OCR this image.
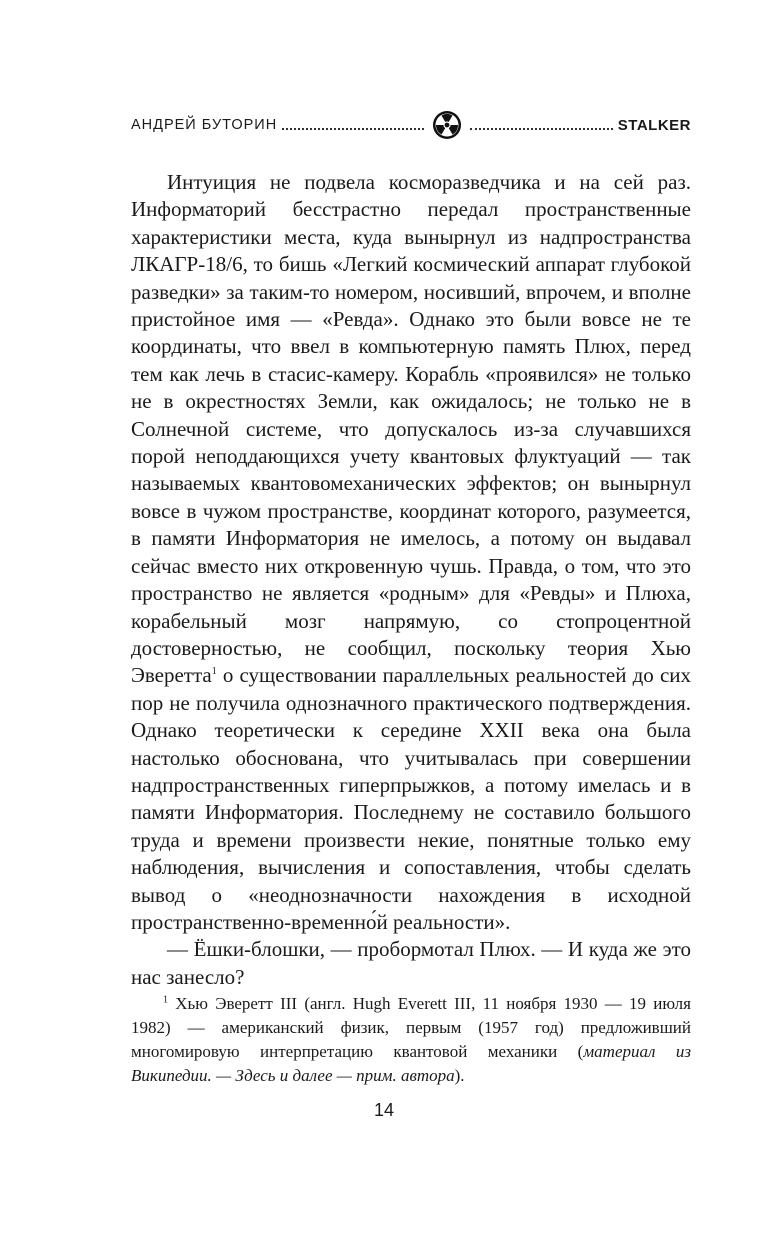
АНДРЕЙ БУТОРИН	STALKER

Интуиция не подвела косморазведчика и на сей раз. Информаторий бесстрастно передал пространственные характеристики места, куда вынырнул из надпространства ЛКАГР-18/6, то бишь «Легкий космический аппарат глубокой разведки» за таким-то номером, носивший, впрочем, и вполне пристойное имя — «Ревда». Однако это были вовсе не те координаты, что ввел в компьютерную память Плюх, перед тем как лечь в стасис-камеру. Корабль «проявился» не только не в окрестностях Земли, как ожидалось; не только не в Солнечной системе, что допускалось из-за случавшихся порой неподдающихся учету квантовых флуктуаций — так называемых квантовомеханических эффектов; он вынырнул вовсе в чужом пространстве, координат которого, разумеется, в памяти Информатория не имелось, а потому он выдавал сейчас вместо них откровенную чушь. Правда, о том, что это пространство не является «родным» для «Ревды» и Плюха, корабельный мозг напрямую, со стопроцентной достоверностью, не сообщил, поскольку теория Хью Эверетта$^1$ о существовании параллельных реальностей до сих пор не получила однозначного практического подтверждения. Однако теоретически к середине XXII века она была настолько обоснована, что учитывалась при совершении надпространственных гиперпрыжков, а потому имелась и в памяти Информатория. Последнему не составило большого труда и времени произвести некие, понятные только ему наблюдения, вычисления и сопоставления, чтобы сделать вывод о «неоднозначности нахождения в исходной пространственно-временно́й реальности».

— Ёшки-блошки, — пробормотал Плюх. — И куда же это нас занесло?

$^1$ Хью Эверетт III (англ. Hugh Everett III, 11 ноября 1930 — 19 июля 1982) — американский физик, первым (1957 год) предложивший многомировую интерпретацию квантовой механики (материал из Википедии. — Здесь и далее — прим. автора).

14
